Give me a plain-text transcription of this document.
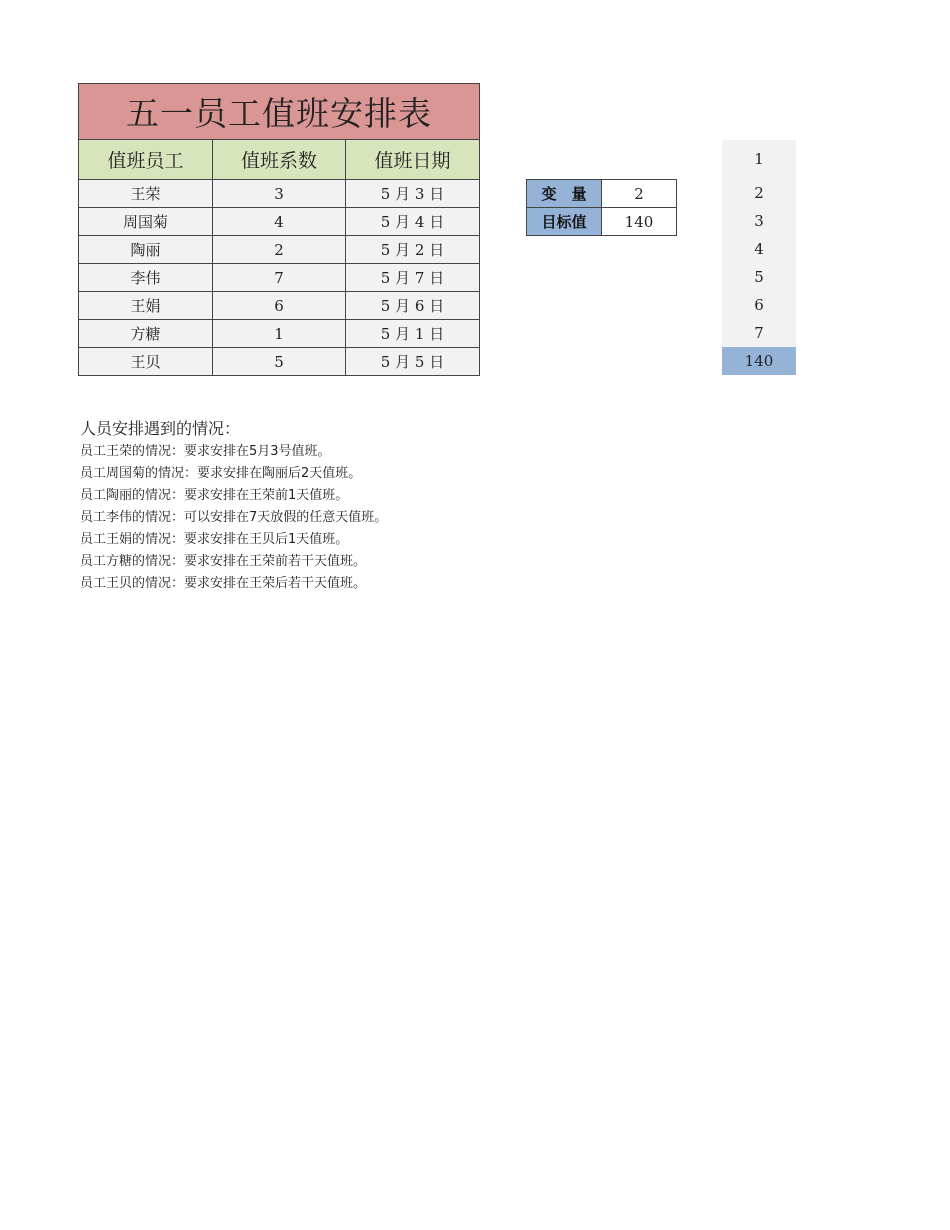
五一员工值班安排表		
值班员工	值班系数	值班日期
王荣	3	5 月 3 日
周国菊	4	5 月 4 日
陶丽	2	5 月 2 日
李伟	7	5 月 7 日
王娟	6	5 月 6 日
方糖	1	5 月 1 日
王贝	5	5 月 5 日
变　量	2
目标值	140
1
2
3
4
5
6
7
140
人员安排遇到的情况：
员工王荣的情况：要求安排在5月3号值班。
员工周国菊的情况：要求安排在陶丽后2天值班。
员工陶丽的情况：要求安排在王荣前1天值班。
员工李伟的情况：可以安排在7天放假的任意天值班。
员工王娟的情况：要求安排在王贝后1天值班。
员工方糖的情况：要求安排在王荣前若干天值班。
员工王贝的情况：要求安排在王荣后若干天值班。
